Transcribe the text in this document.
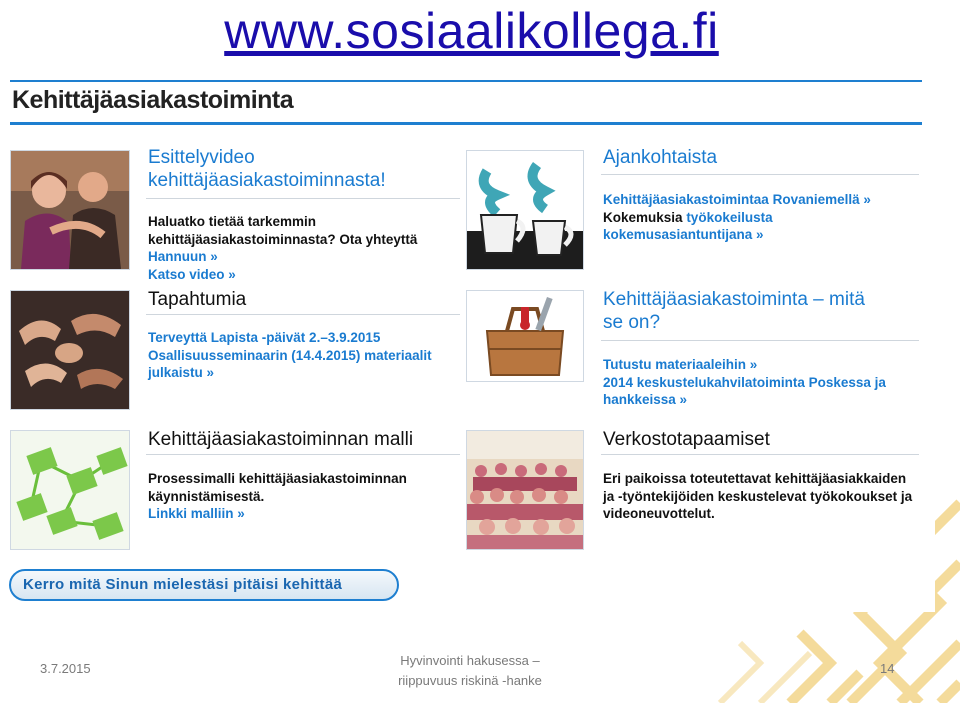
www.sosiaalikollega.fi
Kehittäjäasiakastoiminta
Esittelyvideo
kehittäjäasiakastoiminnasta!
Haluatko tietää tarkemmin
kehittäjäasiakastoiminnasta? Ota yhteyttä
Hannuun »
Katso video »
Tapahtumia
Terveyttä Lapista -päivät 2.–3.9.2015
Osallisuusseminaarin (14.4.2015) materiaalit
julkaistu »
Kehittäjäasiakastoiminnan malli
Prosessimalli kehittäjäasiakastoiminnan
käynnistämisestä.
Linkki malliin »
Ajankohtaista
Kehittäjäasiakastoimintaa Rovaniemellä »
Kokemuksia työkokeilusta
kokemusasiantuntijana »
Kehittäjäasiakastoiminta – mitä
se on?
Tutustu materiaaleihin »
2014 keskustelukahvilatoiminta Poskessa ja
hankkeissa »
Verkostotapaamiset
Eri paikoissa toteutettavat kehittäjäasiakkaiden
ja -työntekijöiden keskustelevat työkokoukset ja
videoneuvottelut.
Kerro mitä Sinun mielestäsi pitäisi kehittää
3.7.2015
Hyvinvointi hakusessa –
riippuvuus riskinä -hanke
14
